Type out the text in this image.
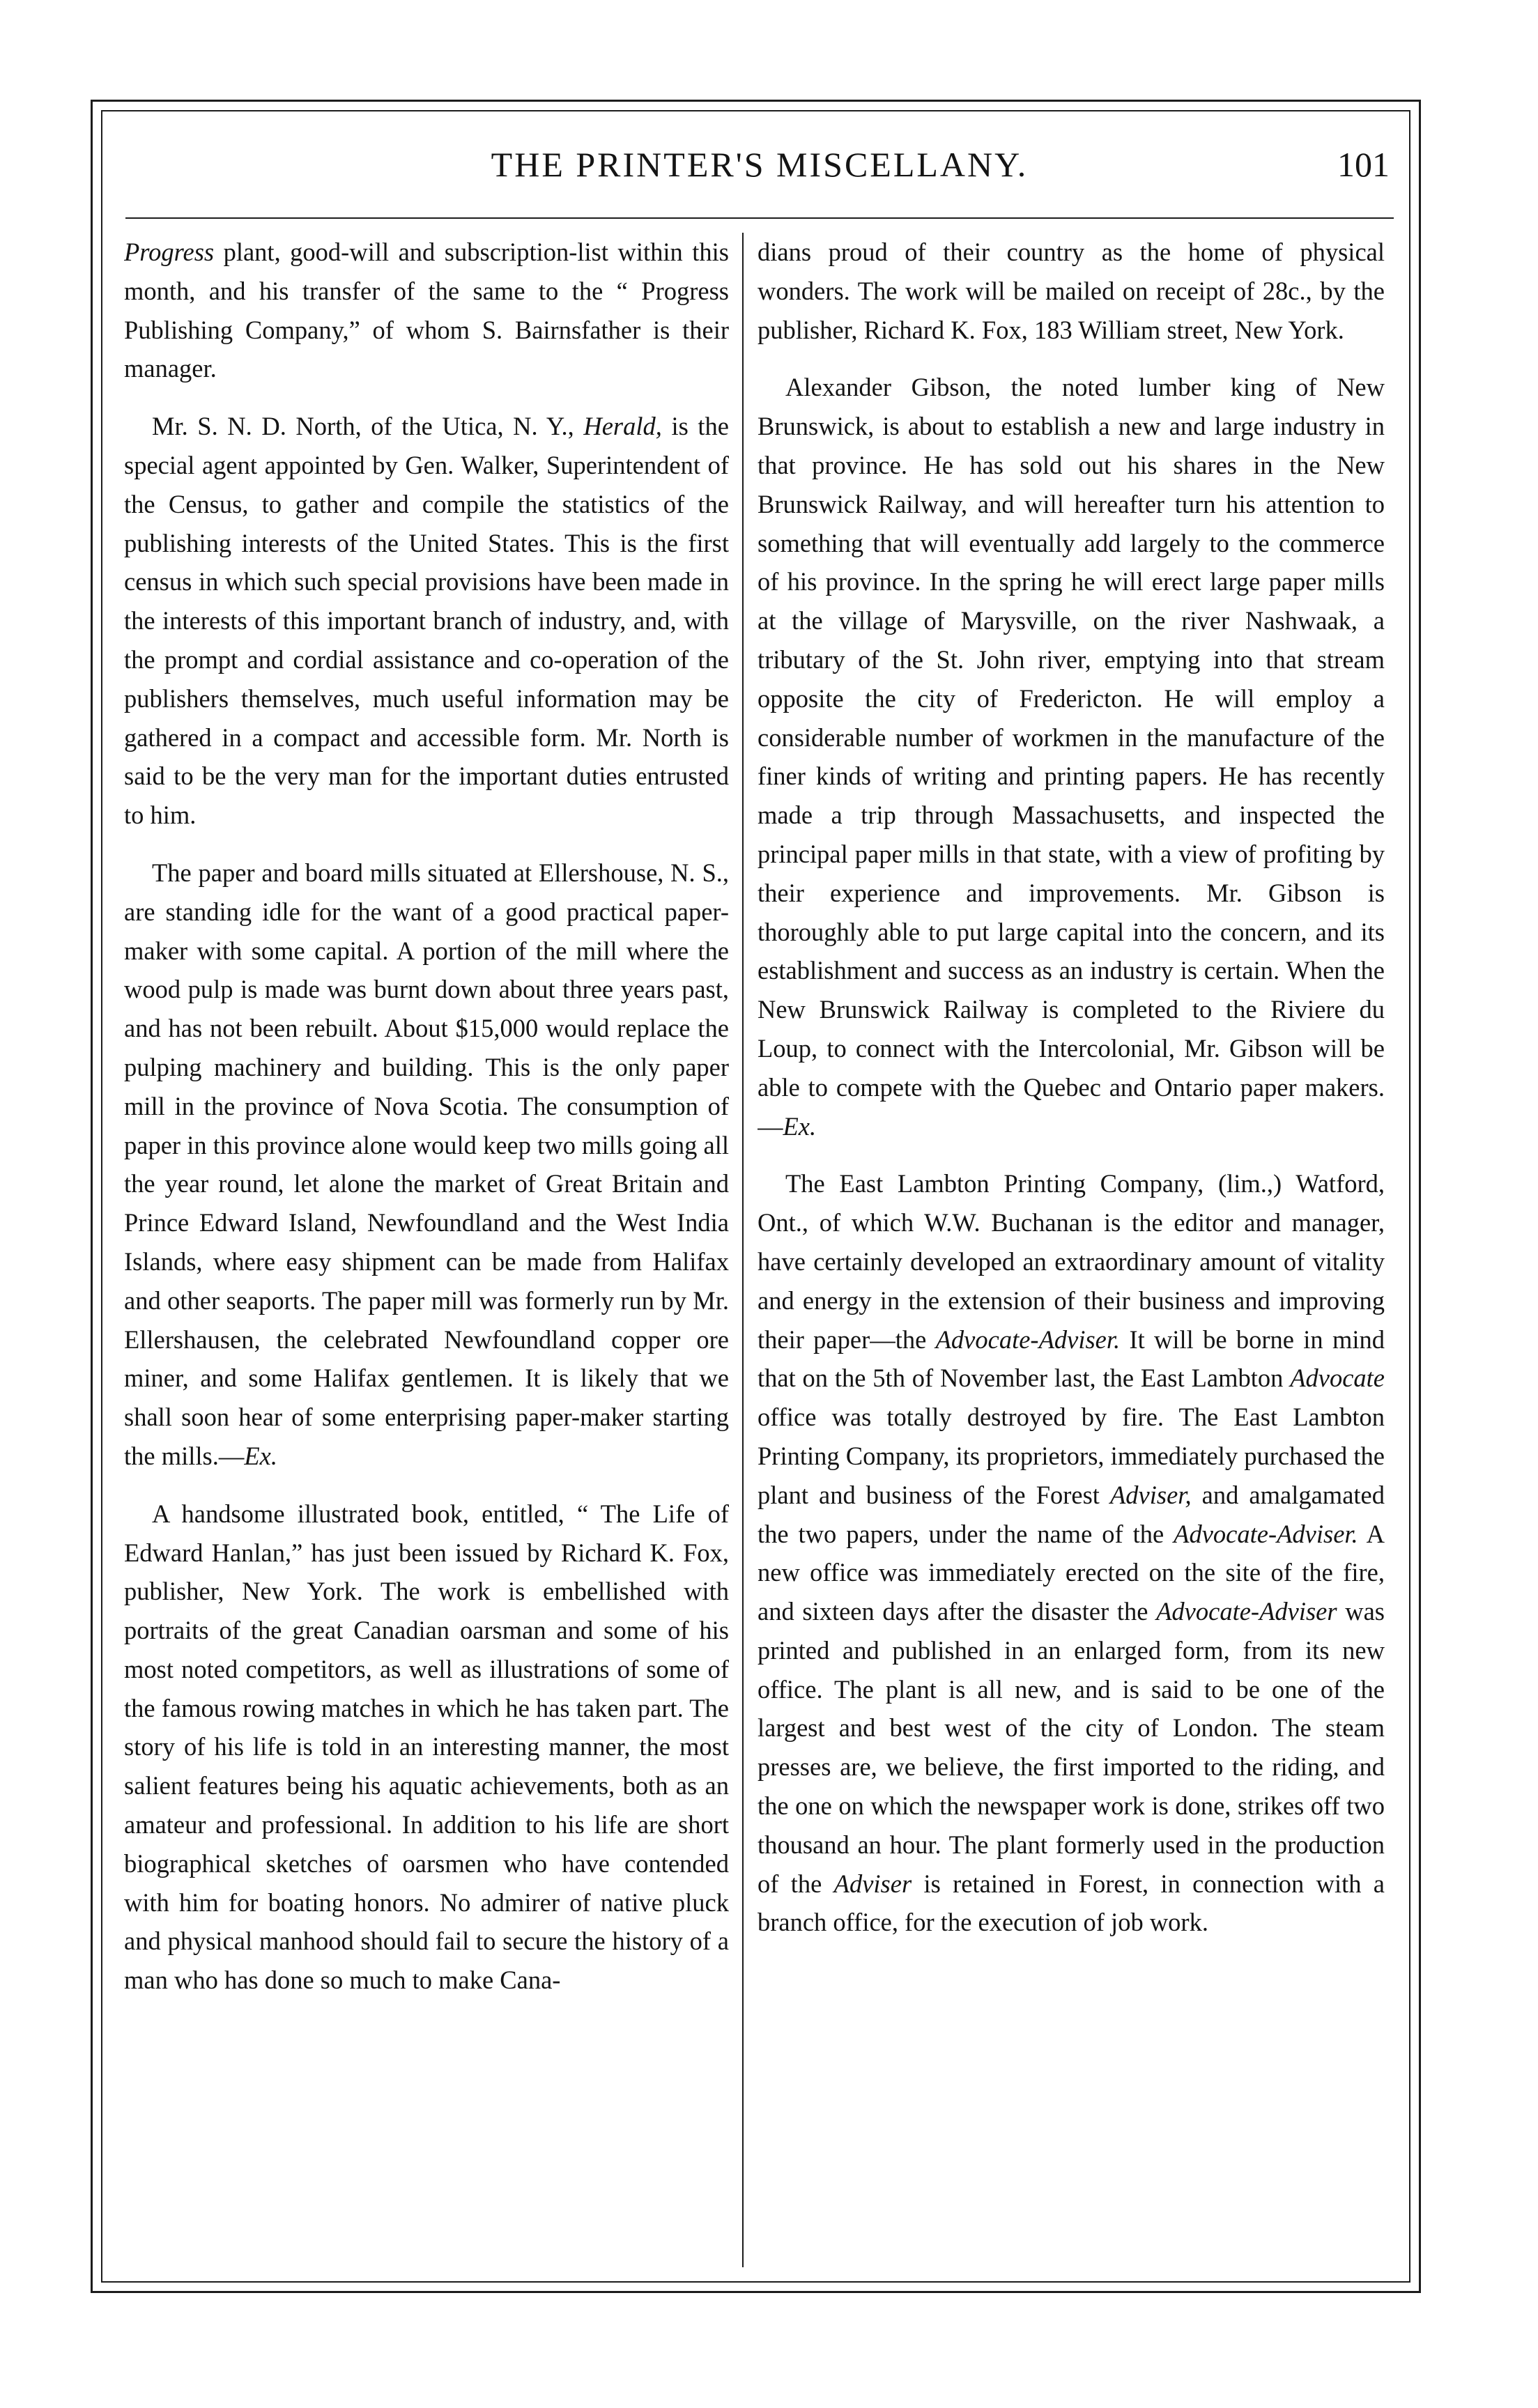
THE PRINTER'S MISCELLANY.	101

Progress plant, good-will and subscription-list within this month, and his transfer of the same to the “ Progress Publishing Company,” of whom S. Bairnsfather is their manager.

Mr. S. N. D. North, of the Utica, N. Y., Herald, is the special agent appointed by Gen. Walker, Superintendent of the Census, to gather and compile the statistics of the publishing interests of the United States. This is the first census in which such special provisions have been made in the interests of this important branch of industry, and, with the prompt and cordial assistance and co-operation of the publishers themselves, much useful information may be gathered in a compact and accessible form. Mr. North is said to be the very man for the important duties entrusted to him.

The paper and board mills situated at Ellershouse, N. S., are standing idle for the want of a good practical paper-maker with some capital. A portion of the mill where the wood pulp is made was burnt down about three years past, and has not been rebuilt. About $15,000 would replace the pulping machinery and building. This is the only paper mill in the province of Nova Scotia. The consumption of paper in this province alone would keep two mills going all the year round, let alone the market of Great Britain and Prince Edward Island, Newfoundland and the West India Islands, where easy shipment can be made from Halifax and other seaports. The paper mill was formerly run by Mr. Ellershausen, the celebrated Newfoundland copper ore miner, and some Halifax gentlemen. It is likely that we shall soon hear of some enterprising paper-maker starting the mills.—Ex.

A handsome illustrated book, entitled, “ The Life of Edward Hanlan,” has just been issued by Richard K. Fox, publisher, New York. The work is embellished with portraits of the great Canadian oarsman and some of his most noted competitors, as well as illustrations of some of the famous rowing matches in which he has taken part. The story of his life is told in an interesting manner, the most salient features being his aquatic achievements, both as an amateur and professional. In addition to his life are short biographical sketches of oarsmen who have contended with him for boating honors. No admirer of native pluck and physical manhood should fail to secure the history of a man who has done so much to make Cana-

dians proud of their country as the home of physical wonders. The work will be mailed on receipt of 28c., by the publisher, Richard K. Fox, 183 William street, New York.

Alexander Gibson, the noted lumber king of New Brunswick, is about to establish a new and large industry in that province. He has sold out his shares in the New Brunswick Railway, and will hereafter turn his attention to something that will eventually add largely to the commerce of his province. In the spring he will erect large paper mills at the village of Marysville, on the river Nashwaak, a tributary of the St. John river, emptying into that stream opposite the city of Fredericton. He will employ a considerable number of workmen in the manufacture of the finer kinds of writing and printing papers. He has recently made a trip through Massachusetts, and inspected the principal paper mills in that state, with a view of profiting by their experience and improvements. Mr. Gibson is thoroughly able to put large capital into the concern, and its establishment and success as an industry is certain. When the New Brunswick Railway is completed to the Riviere du Loup, to connect with the Intercolonial, Mr. Gibson will be able to compete with the Quebec and Ontario paper makers.—Ex.

The East Lambton Printing Company, (lim.,) Watford, Ont., of which W.W. Buchanan is the editor and manager, have certainly developed an extraordinary amount of vitality and energy in the extension of their business and improving their paper—the Advocate-Adviser. It will be borne in mind that on the 5th of November last, the East Lambton Advocate office was totally destroyed by fire. The East Lambton Printing Company, its proprietors, immediately purchased the plant and business of the Forest Adviser, and amalgamated the two papers, under the name of the Advocate-Adviser. A new office was immediately erected on the site of the fire, and sixteen days after the disaster the Advocate-Adviser was printed and published in an enlarged form, from its new office. The plant is all new, and is said to be one of the largest and best west of the city of London. The steam presses are, we believe, the first imported to the riding, and the one on which the newspaper work is done, strikes off two thousand an hour. The plant formerly used in the production of the Adviser is retained in Forest, in connection with a branch office, for the execution of job work.
